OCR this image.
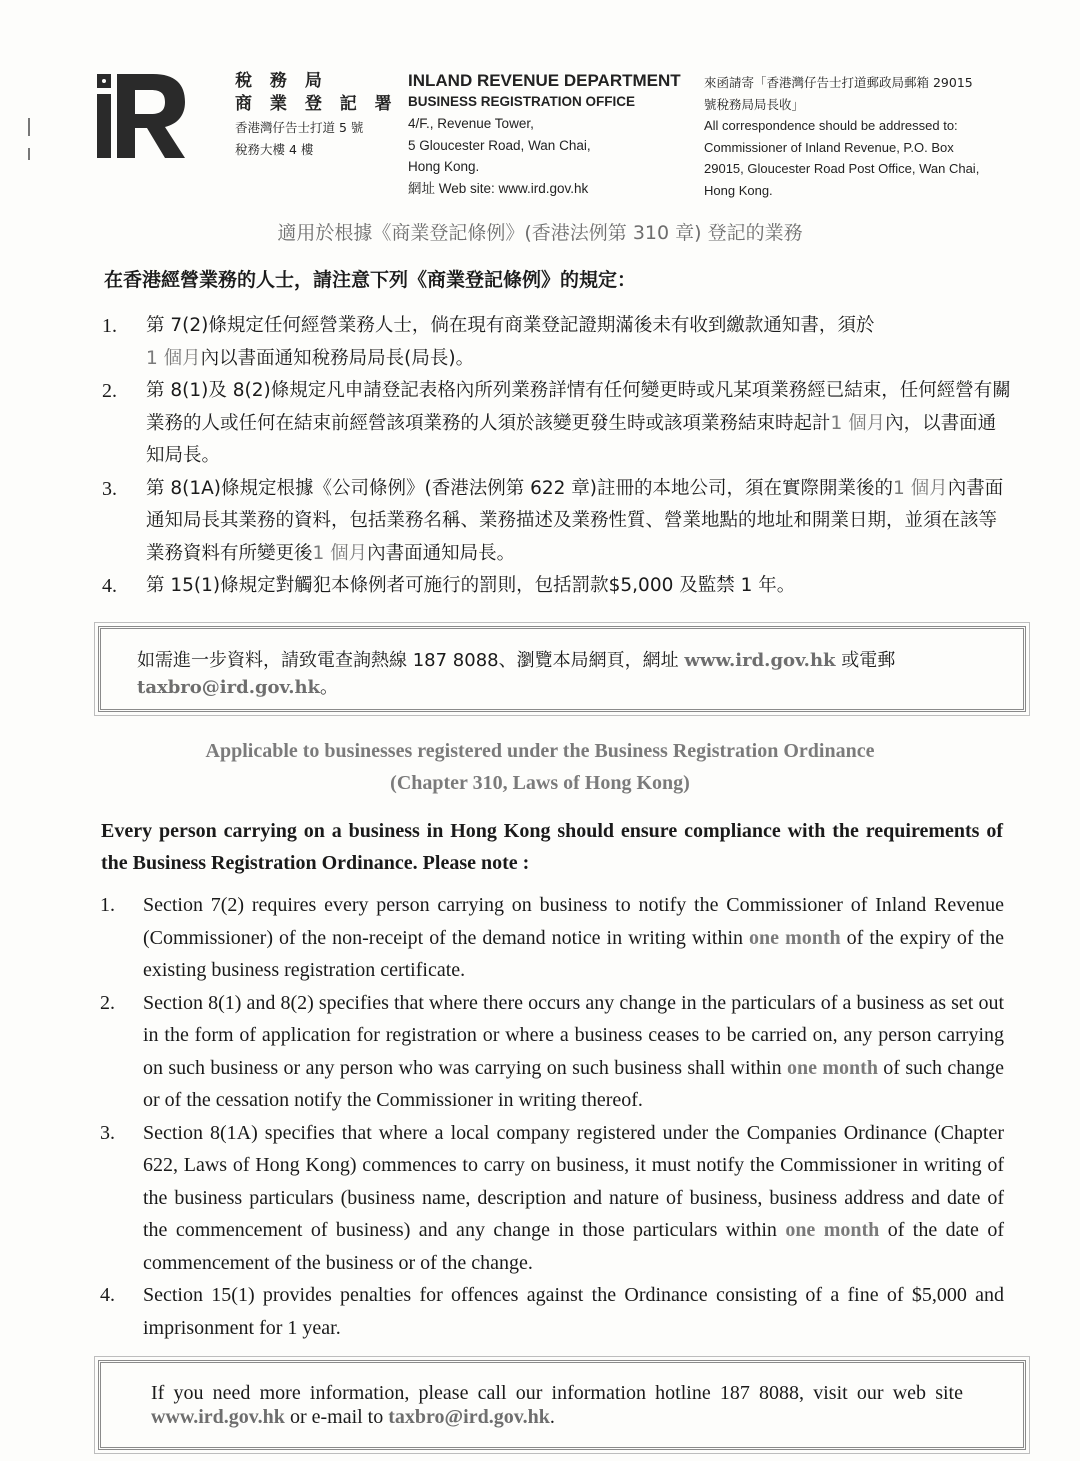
稅 務 局
商 業 登 記 署
香港灣仔告士打道 5 號
稅務大樓 4 樓
INLAND REVENUE DEPARTMENT
BUSINESS REGISTRATION OFFICE
4/F., Revenue Tower,
5 Gloucester Road, Wan Chai,
Hong Kong.
網址 Web site: www.ird.gov.hk
來函請寄「香港灣仔告士打道郵政局郵箱 29015
號稅務局局長收」
All correspondence should be addressed to:
Commissioner of Inland Revenue, P.O. Box
29015, Gloucester Road Post Office, Wan Chai,
Hong Kong.
適用於根據《商業登記條例》(香港法例第 310 章) 登記的業務
在香港經營業務的人士，請注意下列《商業登記條例》的規定：
1. 第 7(2)條規定任何經營業務人士，倘在現有商業登記證期滿後未有收到繳款通知書，須於
1 個月內以書面通知稅務局局長(局長)。
2. 第 8(1)及 8(2)條規定凡申請登記表格內所列業務詳情有任何變更時或凡某項業務經已結束，任何經營有關業務的人或任何在結束前經營該項業務的人須於該變更發生時或該項業務結束時起計1 個月內，以書面通知局長。
3. 第 8(1A)條規定根據《公司條例》(香港法例第 622 章)註冊的本地公司，須在實際開業後的1 個月內書面通知局長其業務的資料，包括業務名稱、業務描述及業務性質、營業地點的地址和開業日期，並須在該等業務資料有所變更後1 個月內書面通知局長。
4. 第 15(1)條規定對觸犯本條例者可施行的罰則，包括罰款$5,000 及監禁 1 年。
如需進一步資料，請致電查詢熱線 187 8088、瀏覽本局網頁，網址 www.ird.gov.hk 或電郵 taxbro@ird.gov.hk。
Applicable to businesses registered under the Business Registration Ordinance
(Chapter 310, Laws of Hong Kong)
Every person carrying on a business in Hong Kong should ensure compliance with the requirements of the Business Registration Ordinance. Please note :
1. Section 7(2) requires every person carrying on business to notify the Commissioner of Inland Revenue (Commissioner) of the non-receipt of the demand notice in writing within one month of the expiry of the existing business registration certificate.
2. Section 8(1) and 8(2) specifies that where there occurs any change in the particulars of a business as set out in the form of application for registration or where a business ceases to be carried on, any person carrying on such business or any person who was carrying on such business shall within one month of such change or of the cessation notify the Commissioner in writing thereof.
3. Section 8(1A) specifies that where a local company registered under the Companies Ordinance (Chapter 622, Laws of Hong Kong) commences to carry on business, it must notify the Commissioner in writing of the business particulars (business name, description and nature of business, business address and date of the commencement of business) and any change in those particulars within one month of the date of commencement of the business or of the change.
4. Section 15(1) provides penalties for offences against the Ordinance consisting of a fine of $5,000 and imprisonment for 1 year.
If you need more information, please call our information hotline 187 8088, visit our web site www.ird.gov.hk or e-mail to taxbro@ird.gov.hk.
